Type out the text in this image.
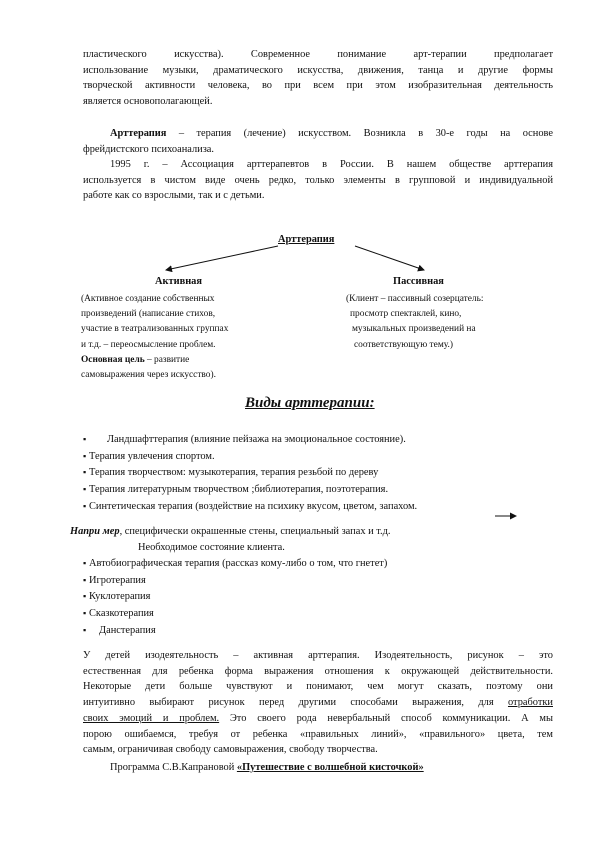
пластического искусства). Современное понимание арт-терапии предполагает
использование музыки, драматического искусства, движения, танца и другие формы
творческой активности человека, во при всем при этом изобразительная деятельность
является основополагающей.
Арттерапия – терапия (лечение) искусством. Возникла в 30-е годы на основе
фрейдистского психоанализа.
1995 г. – Ассоциация арттерапевтов в России. В нашем обществе арттерапия
используется в чистом виде очень редко, только элементы в групповой и индивидуальной
работе как со взрослыми, так и с детьми.
Арттерапия
Активная	Пассивная
(Активное создание собственных
произведений (написание стихов,
участие в театрализованных группах
и т.д. – переосмысление проблем.
Основная цель – развитие
самовыражения через искусство).
(Клиент – пассивный созерцатель:
просмотр спектаклей, кино,
музыкальных произведений на
соответствующую тему.)
Виды арттерапии:
▪ Ландшафттерапия (влияние пейзажа на эмоциональное состояние).
▪ Терапия увлечения спортом.
▪ Терапия творчеством: музыкотерапия, терапия резьбой по дереву
▪ Терапия литературным творчеством ;библиотерапия, поэтотерапия.
▪ Синтетическая терапия (воздействие на психику вкусом, цветом, запахом.
Напри мер, специфически окрашенные стены, специальный запах и т.д.
Необходимое состояние клиента.
▪ Автобиографическая терапия (рассказ кому-либо о том, что гнетет)
▪ Игротерапия
▪ Куклотерапия
▪ Сказкотерапия
▪ Данстерапия
У детей изодеятельность – активная арттерапия. Изодеятельность, рисунок – это
естественная для ребенка форма выражения отношения к окружающей действительности.
Некоторые дети больше чувствуют и понимают, чем могут сказать, поэтому они
интуитивно выбирают рисунок перед другими способами выражения, для отработки
своих эмоций и проблем. Это своего рода невербальный способ коммуникации. А мы
порою ошибаемся, требуя от ребенка «правильных линий», «правильного» цвета, тем
самым, ограничивая свободу самовыражения, свободу творчества.
Программа С.В.Капрановой «Путешествие с волшебной кисточкой»
